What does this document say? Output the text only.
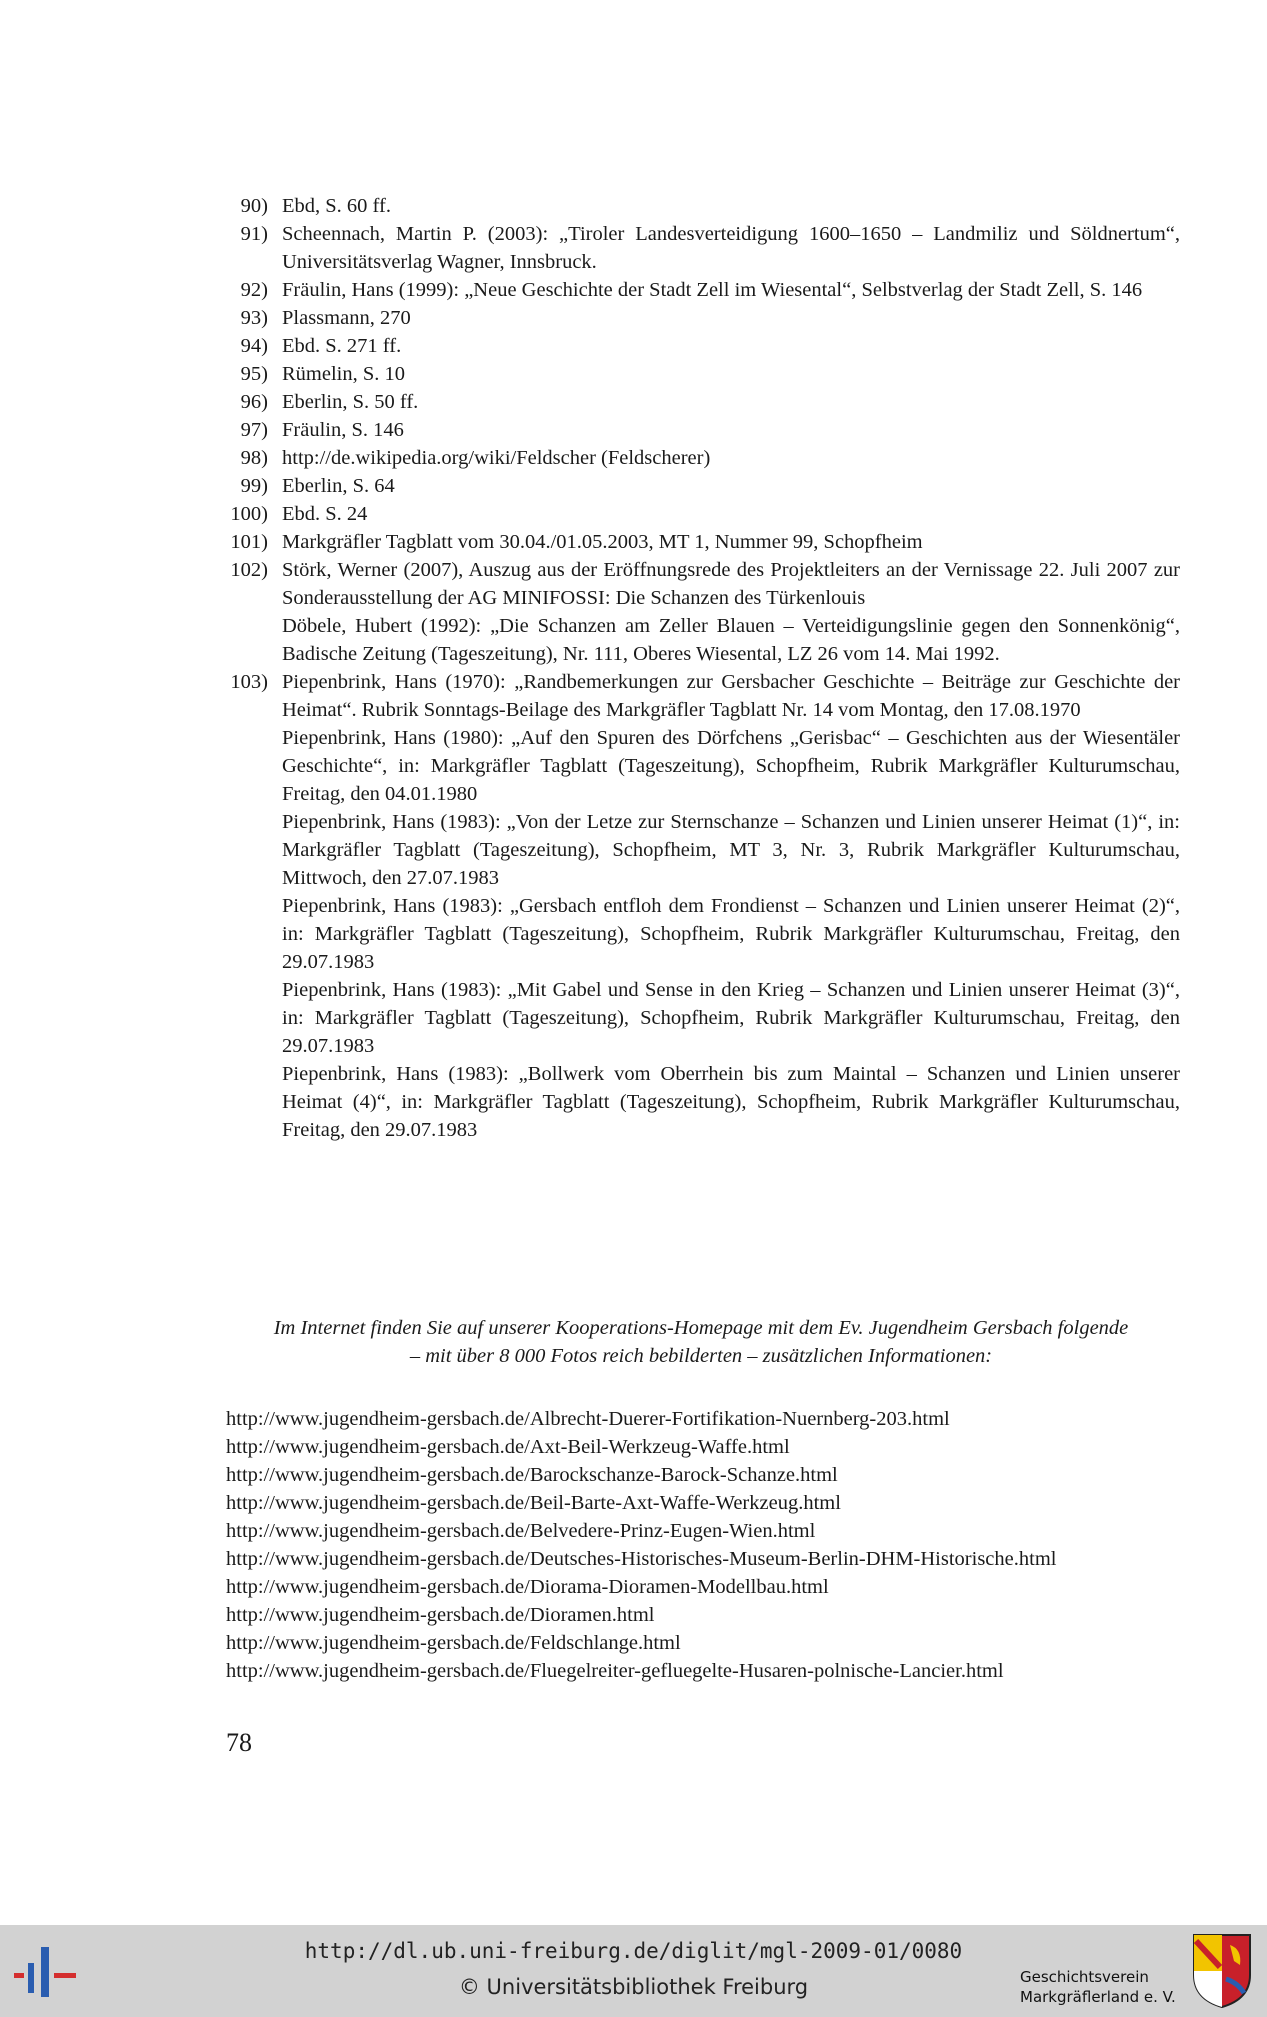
90) Ebd, S. 60 ff.

91) Scheennach, Martin P. (2003): „Tiroler Landesverteidigung 1600–1650 – Landmiliz und Söldnertum“, Universitätsverlag Wagner, Innsbruck.

92) Fräulin, Hans (1999): „Neue Geschichte der Stadt Zell im Wiesental“, Selbstverlag der Stadt Zell, S. 146

93) Plassmann, 270

94) Ebd. S. 271 ff.

95) Rümelin, S. 10

96) Eberlin, S. 50 ff.

97) Fräulin, S. 146

98) http://de.wikipedia.org/wiki/Feldscher (Feldscherer)

99) Eberlin, S. 64

100) Ebd. S. 24

101) Markgräfler Tagblatt vom 30.04./01.05.2003, MT 1, Nummer 99, Schopfheim

102) Störk, Werner (2007), Auszug aus der Eröffnungsrede des Projektleiters an der Vernissage 22. Juli 2007 zur Sonderausstellung der AG MINIFOSSI: Die Schanzen des Türkenlouis

Döbele, Hubert (1992): „Die Schanzen am Zeller Blauen – Verteidigungslinie gegen den Sonnenkönig“, Badische Zeitung (Tageszeitung), Nr. 111, Oberes Wiesental, LZ 26 vom 14. Mai 1992.

103) Piepenbrink, Hans (1970): „Randbemerkungen zur Gersbacher Geschichte – Beiträge zur Geschichte der Heimat“. Rubrik Sonntags-Beilage des Markgräfler Tagblatt Nr. 14 vom Montag, den 17.08.1970

Piepenbrink, Hans (1980): „Auf den Spuren des Dörfchens „Gerisbac“ – Geschichten aus der Wiesentäler Geschichte“, in: Markgräfler Tagblatt (Tageszeitung), Schopfheim, Rubrik Markgräfler Kulturumschau, Freitag, den 04.01.1980

Piepenbrink, Hans (1983): „Von der Letze zur Sternschanze – Schanzen und Linien unserer Heimat (1)“, in: Markgräfler Tagblatt (Tageszeitung), Schopfheim, MT 3, Nr. 3, Rubrik Markgräfler Kulturumschau, Mittwoch, den 27.07.1983

Piepenbrink, Hans (1983): „Gersbach entfloh dem Frondienst – Schanzen und Linien unserer Heimat (2)“, in: Markgräfler Tagblatt (Tageszeitung), Schopfheim, Rubrik Markgräfler Kulturumschau, Freitag, den 29.07.1983

Piepenbrink, Hans (1983): „Mit Gabel und Sense in den Krieg – Schanzen und Linien unserer Heimat (3)“, in: Markgräfler Tagblatt (Tageszeitung), Schopfheim, Rubrik Markgräfler Kulturumschau, Freitag, den 29.07.1983

Piepenbrink, Hans (1983): „Bollwerk vom Oberrhein bis zum Maintal – Schanzen und Linien unserer Heimat (4)“, in: Markgräfler Tagblatt (Tageszeitung), Schopfheim, Rubrik Markgräfler Kulturumschau, Freitag, den 29.07.1983

Im Internet finden Sie auf unserer Kooperations-Homepage mit dem Ev. Jugendheim Gersbach folgende

– mit über 8 000 Fotos reich bebilderten – zusätzlichen Informationen:

http://www.jugendheim-gersbach.de/Albrecht-Duerer-Fortifikation-Nuernberg-203.html
http://www.jugendheim-gersbach.de/Axt-Beil-Werkzeug-Waffe.html
http://www.jugendheim-gersbach.de/Barockschanze-Barock-Schanze.html
http://www.jugendheim-gersbach.de/Beil-Barte-Axt-Waffe-Werkzeug.html
http://www.jugendheim-gersbach.de/Belvedere-Prinz-Eugen-Wien.html
http://www.jugendheim-gersbach.de/Deutsches-Historisches-Museum-Berlin-DHM-Historische.html
http://www.jugendheim-gersbach.de/Diorama-Dioramen-Modellbau.html
http://www.jugendheim-gersbach.de/Dioramen.html
http://www.jugendheim-gersbach.de/Feldschlange.html
http://www.jugendheim-gersbach.de/Fluegelreiter-gefluegelte-Husaren-polnische-Lancier.html
78
http://dl.ub.uni-freiburg.de/diglit/mgl-2009-01/0080
© Universitätsbibliothek Freiburg	Geschichtsverein
Markgräflerland e. V.
